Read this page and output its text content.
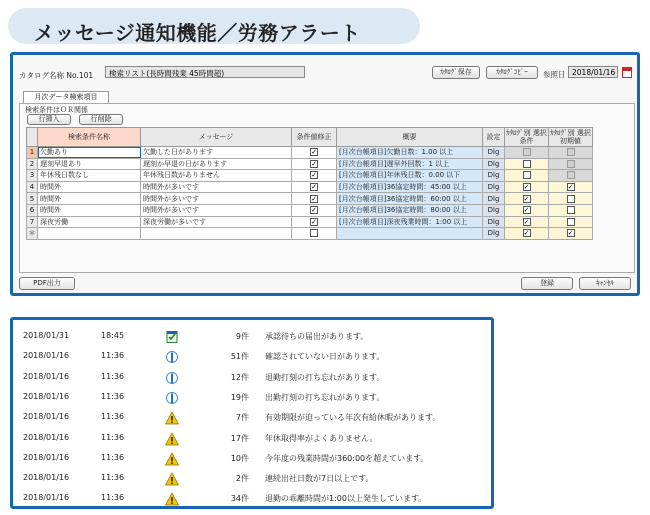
メッセージ通知機能／労務アラート
カタログ名称 No.101	検索リスト(長時間残業 45時間超)	ｶﾀﾛｸﾞ保存	ｶﾀﾛｸﾞｺﾋﾟｰ	参照日 2018/01/16
月次データ検索項目
検索条件はＯＲ関係
行挿入	行削除
	検索条件名称	メッセージ	条件値修正	概要	設定	ｶﾀﾛｸﾞ別 選択条件	ｶﾀﾛｸﾞ別 選択初期値
1	欠勤あり	欠勤した日があります	✓	[月次台帳項目]欠勤日数：1.00 以上	Dlg		
2	遅刻早退あり	遅刻か早退の日があります	✓	[月次台帳項目]遅早外回数：1 以上	Dlg		
3	年休残日数なし	年休残日数がありません	✓	[月次台帳項目]年休残日数：0.00 以下	Dlg		
4	時間外	時間外が多いです	✓	[月次台帳項目]36協定時間：45:00 以上	Dlg	✓	✓
5	時間外	時間外が多いです	✓	[月次台帳項目]36協定時間：60:00 以上	Dlg	✓	
6	時間外	時間外が多いです	✓	[月次台帳項目]36協定時間：80:00 以上	Dlg	✓	
7	深夜労働	深夜労働が多いです	✓	[月次台帳項目]深夜残業時間：1:00 以上	Dlg	✓	
＊					Dlg	✓	✓
PDF出力	登録	ｷｬﾝｾﾙ
2018/01/31	18:45	9件 承認待ちの届出があります。
2018/01/16	11:36	51件 確認されていない日があります。
2018/01/16	11:36	12件 退勤打刻の打ち忘れがあります。
2018/01/16	11:36	19件 出勤打刻の打ち忘れがあります。
2018/01/16	11:36	7件 有効期限が迫っている年次有給休暇があります。
2018/01/16	11:36	17件 年休取得率がよくありません。
2018/01/16	11:36	10件 今年度の残業時間が360:00を超えています。
2018/01/16	11:36	2件 連続出社日数が7日以上です。
2018/01/16	11:36	34件 退勤の乖離時間が1:00以上発生しています。
